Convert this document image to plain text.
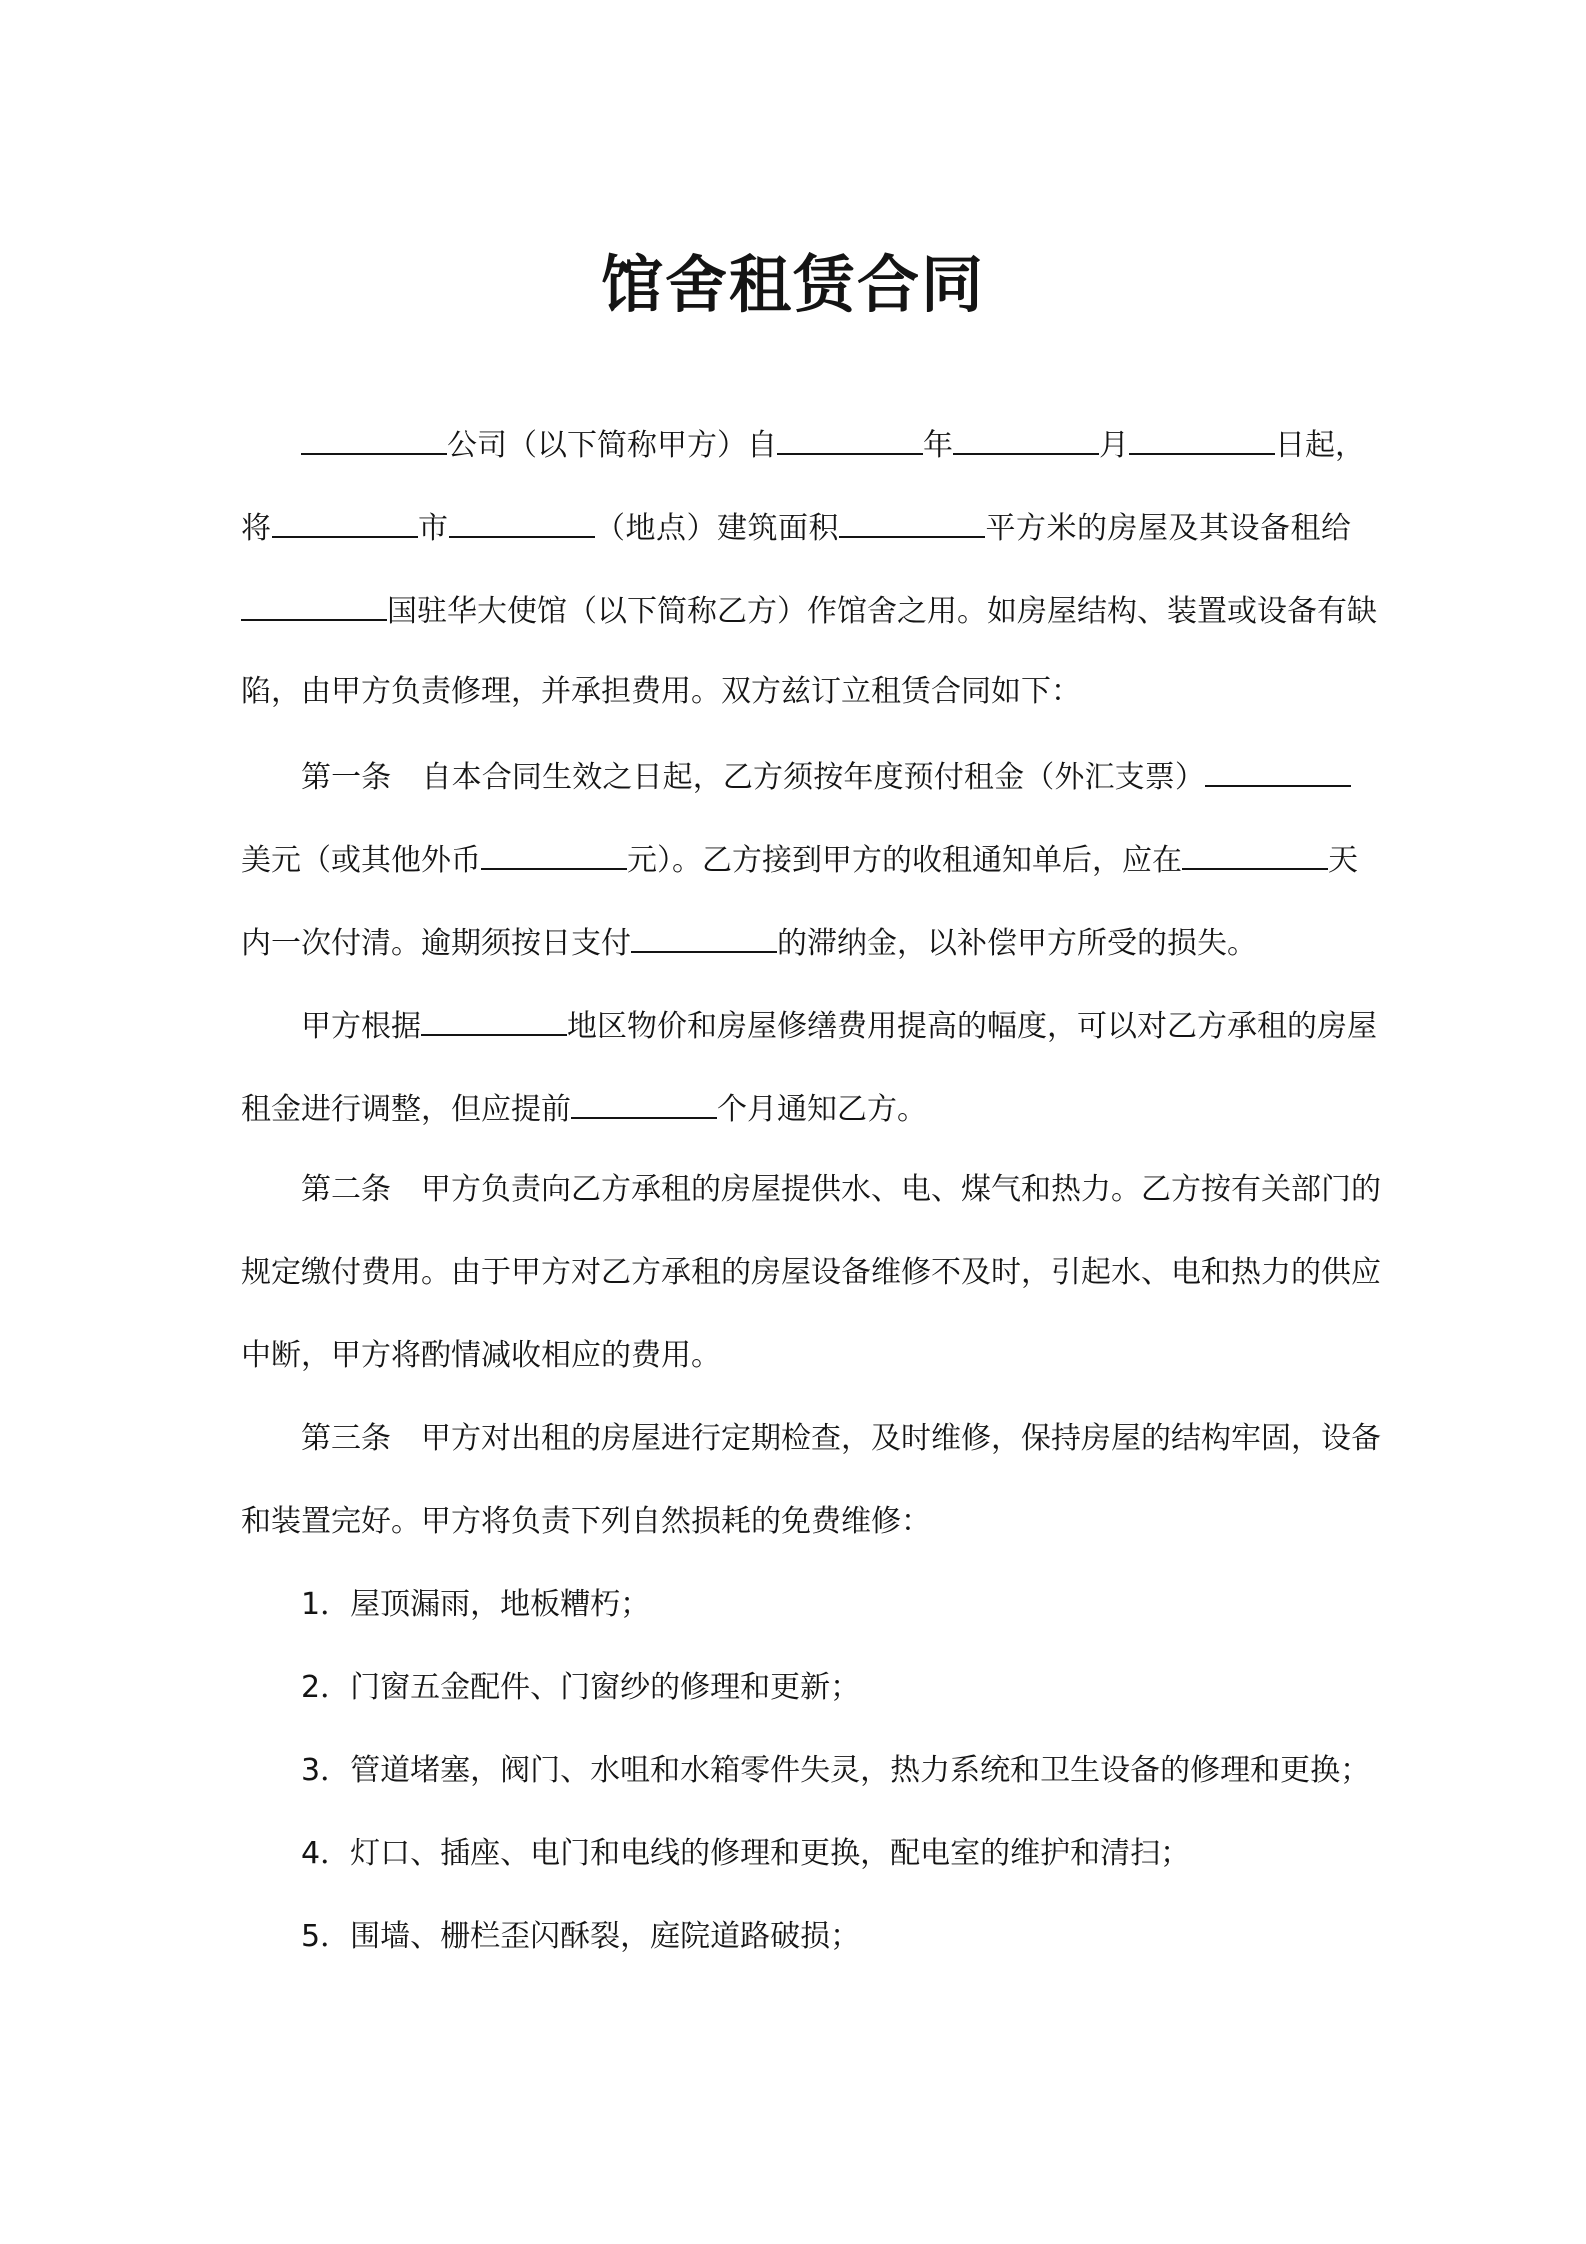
馆舍租赁合同
公司（以下简称甲方）自	年	月	日起，
将	市	（地点）建筑面积	平方米的房屋及其设备租给
国驻华大使馆（以下简称乙方）作馆舍之用。如房屋结构、装置或设备有缺
陷，由甲方负责修理，并承担费用。双方兹订立租赁合同如下：
第一条　自本合同生效之日起，乙方须按年度预付租金（外汇支票）
美元（或其他外币	元）。乙方接到甲方的收租通知单后，应在	天
内一次付清。逾期须按日支付	的滞纳金，以补偿甲方所受的损失。
甲方根据	地区物价和房屋修缮费用提高的幅度，可以对乙方承租的房屋
租金进行调整，但应提前	个月通知乙方。
第二条　甲方负责向乙方承租的房屋提供水、电、煤气和热力。乙方按有关部门的
规定缴付费用。由于甲方对乙方承租的房屋设备维修不及时，引起水、电和热力的供应
中断，甲方将酌情减收相应的费用。
第三条　甲方对出租的房屋进行定期检查，及时维修，保持房屋的结构牢固，设备
和装置完好。甲方将负责下列自然损耗的免费维修：
1．屋顶漏雨，地板糟朽；
2．门窗五金配件、门窗纱的修理和更新；
3．管道堵塞，阀门、水咀和水箱零件失灵，热力系统和卫生设备的修理和更换；
4．灯口、插座、电门和电线的修理和更换，配电室的维护和清扫；
5．围墙、栅栏歪闪酥裂，庭院道路破损；
